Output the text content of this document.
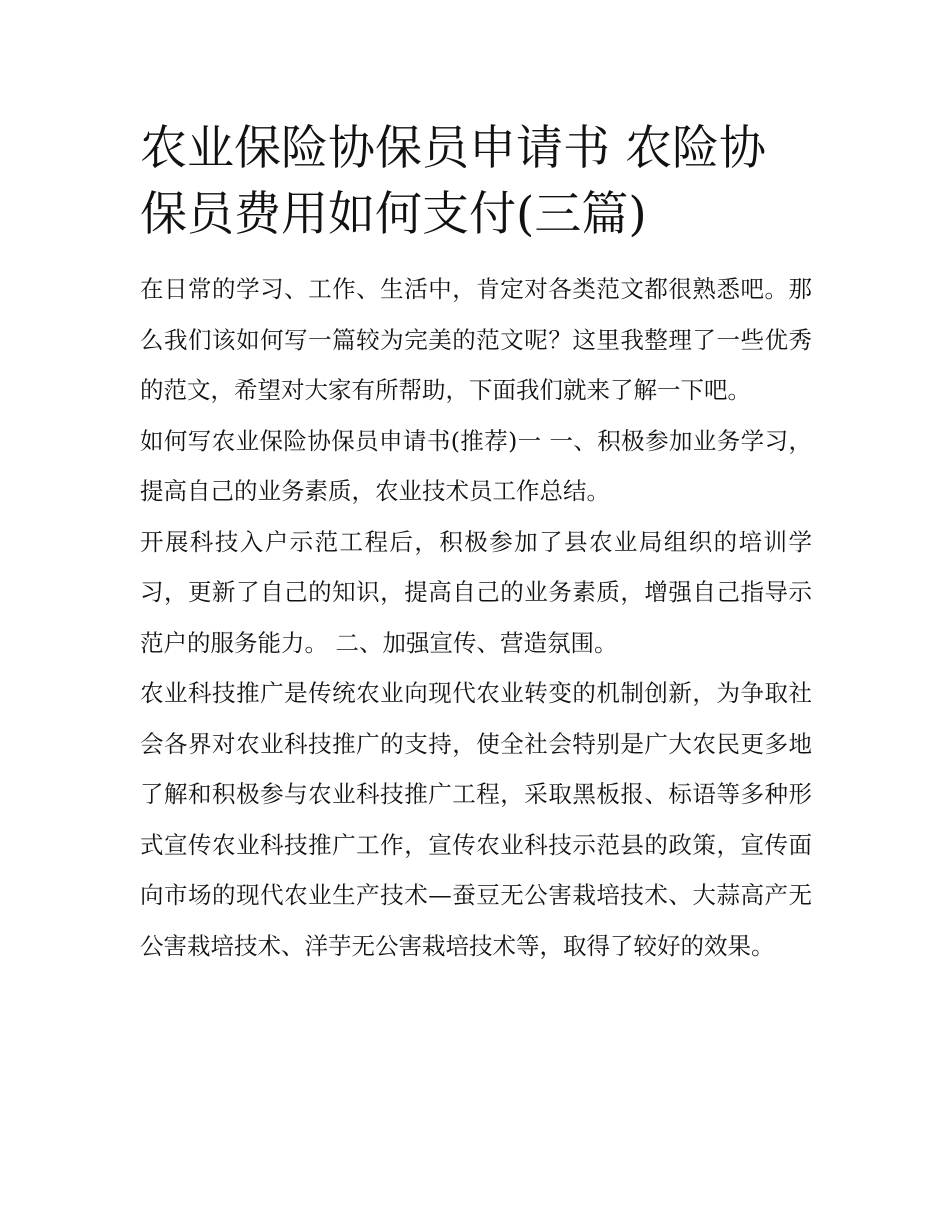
农业保险协保员申请书 农险协
保员费用如何支付(三篇)

在日常的学习、工作、生活中，肯定对各类范文都很熟悉吧。那么我们该如何写一篇较为完美的范文呢？这里我整理了一些优秀的范文，希望对大家有所帮助，下面我们就来了解一下吧。

如何写农业保险协保员申请书(推荐)一 一、积极参加业务学习，提高自己的业务素质，农业技术员工作总结。

开展科技入户示范工程后，积极参加了县农业局组织的培训学习，更新了自己的知识，提高自己的业务素质，增强自己指导示范户的服务能力。 二、加强宣传、营造氛围。

农业科技推广是传统农业向现代农业转变的机制创新，为争取社会各界对农业科技推广的支持，使全社会特别是广大农民更多地了解和积极参与农业科技推广工程，采取黑板报、标语等多种形式宣传农业科技推广工作，宣传农业科技示范县的政策，宣传面向市场的现代农业生产技术—蚕豆无公害栽培技术、大蒜高产无公害栽培技术、洋芋无公害栽培技术等，取得了较好的效果。
